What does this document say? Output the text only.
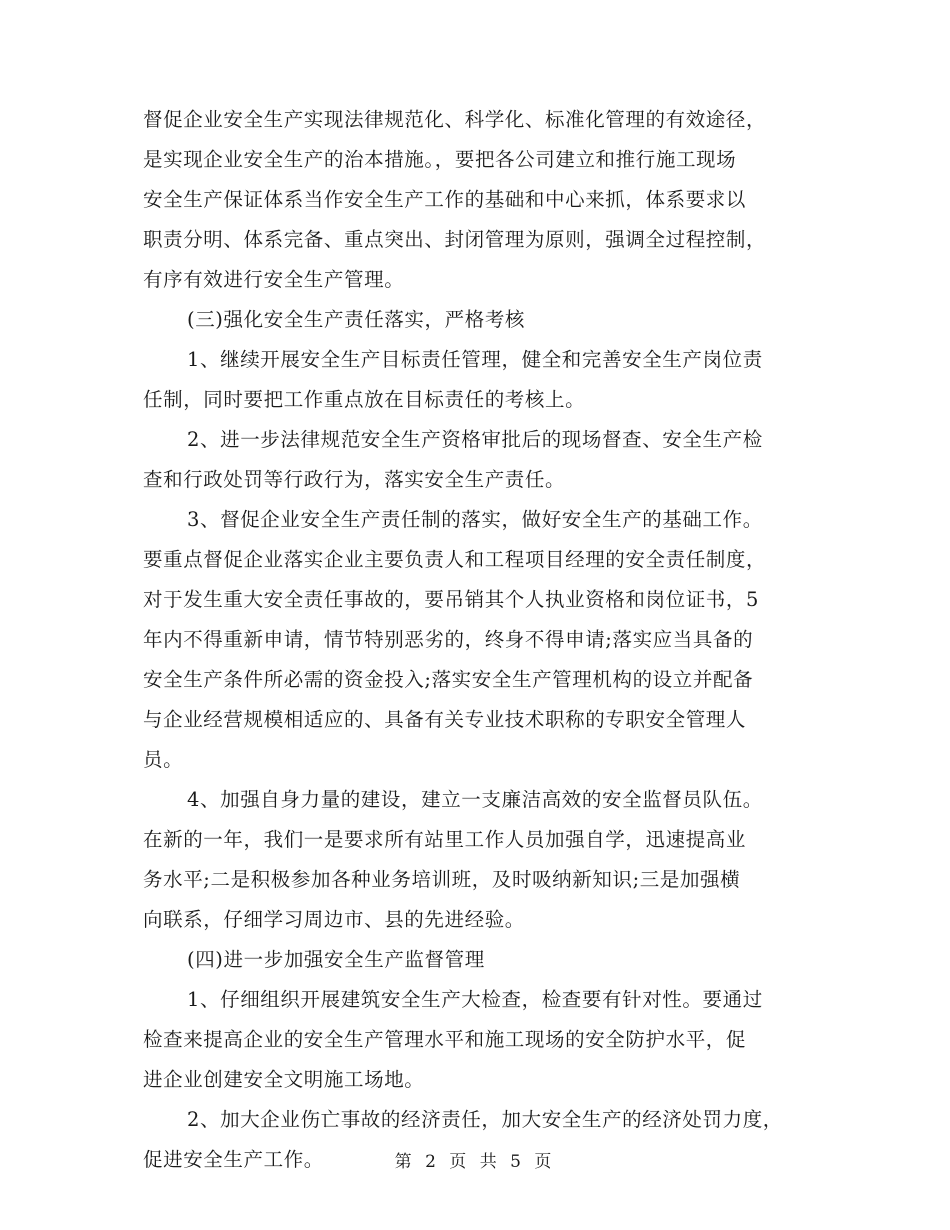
督促企业安全生产实现法律规范化、科学化、标准化管理的有效途径，
是实现企业安全生产的治本措施。，要把各公司建立和推行施工现场
安全生产保证体系当作安全生产工作的基础和中心来抓，体系要求以
职责分明、体系完备、重点突出、封闭管理为原则，强调全过程控制，
有序有效进行安全生产管理。
(三)强化安全生产责任落实，严格考核
1、继续开展安全生产目标责任管理，健全和完善安全生产岗位责
任制，同时要把工作重点放在目标责任的考核上。
2、进一步法律规范安全生产资格审批后的现场督查、安全生产检
查和行政处罚等行政行为，落实安全生产责任。
3、督促企业安全生产责任制的落实，做好安全生产的基础工作。
要重点督促企业落实企业主要负责人和工程项目经理的安全责任制度，
对于发生重大安全责任事故的，要吊销其个人执业资格和岗位证书，5
年内不得重新申请，情节特别恶劣的，终身不得申请;落实应当具备的
安全生产条件所必需的资金投入;落实安全生产管理机构的设立并配备
与企业经营规模相适应的、具备有关专业技术职称的专职安全管理人
员。
4、加强自身力量的建设，建立一支廉洁高效的安全监督员队伍。
在新的一年，我们一是要求所有站里工作人员加强自学，迅速提高业
务水平;二是积极参加各种业务培训班，及时吸纳新知识;三是加强横
向联系，仔细学习周边市、县的先进经验。
(四)进一步加强安全生产监督管理
1、仔细组织开展建筑安全生产大检查，检查要有针对性。要通过
检查来提高企业的安全生产管理水平和施工现场的安全防护水平，促
进企业创建安全文明施工场地。
2、加大企业伤亡事故的经济责任，加大安全生产的经济处罚力度，
促进安全生产工作。	第 2 页 共 5 页
